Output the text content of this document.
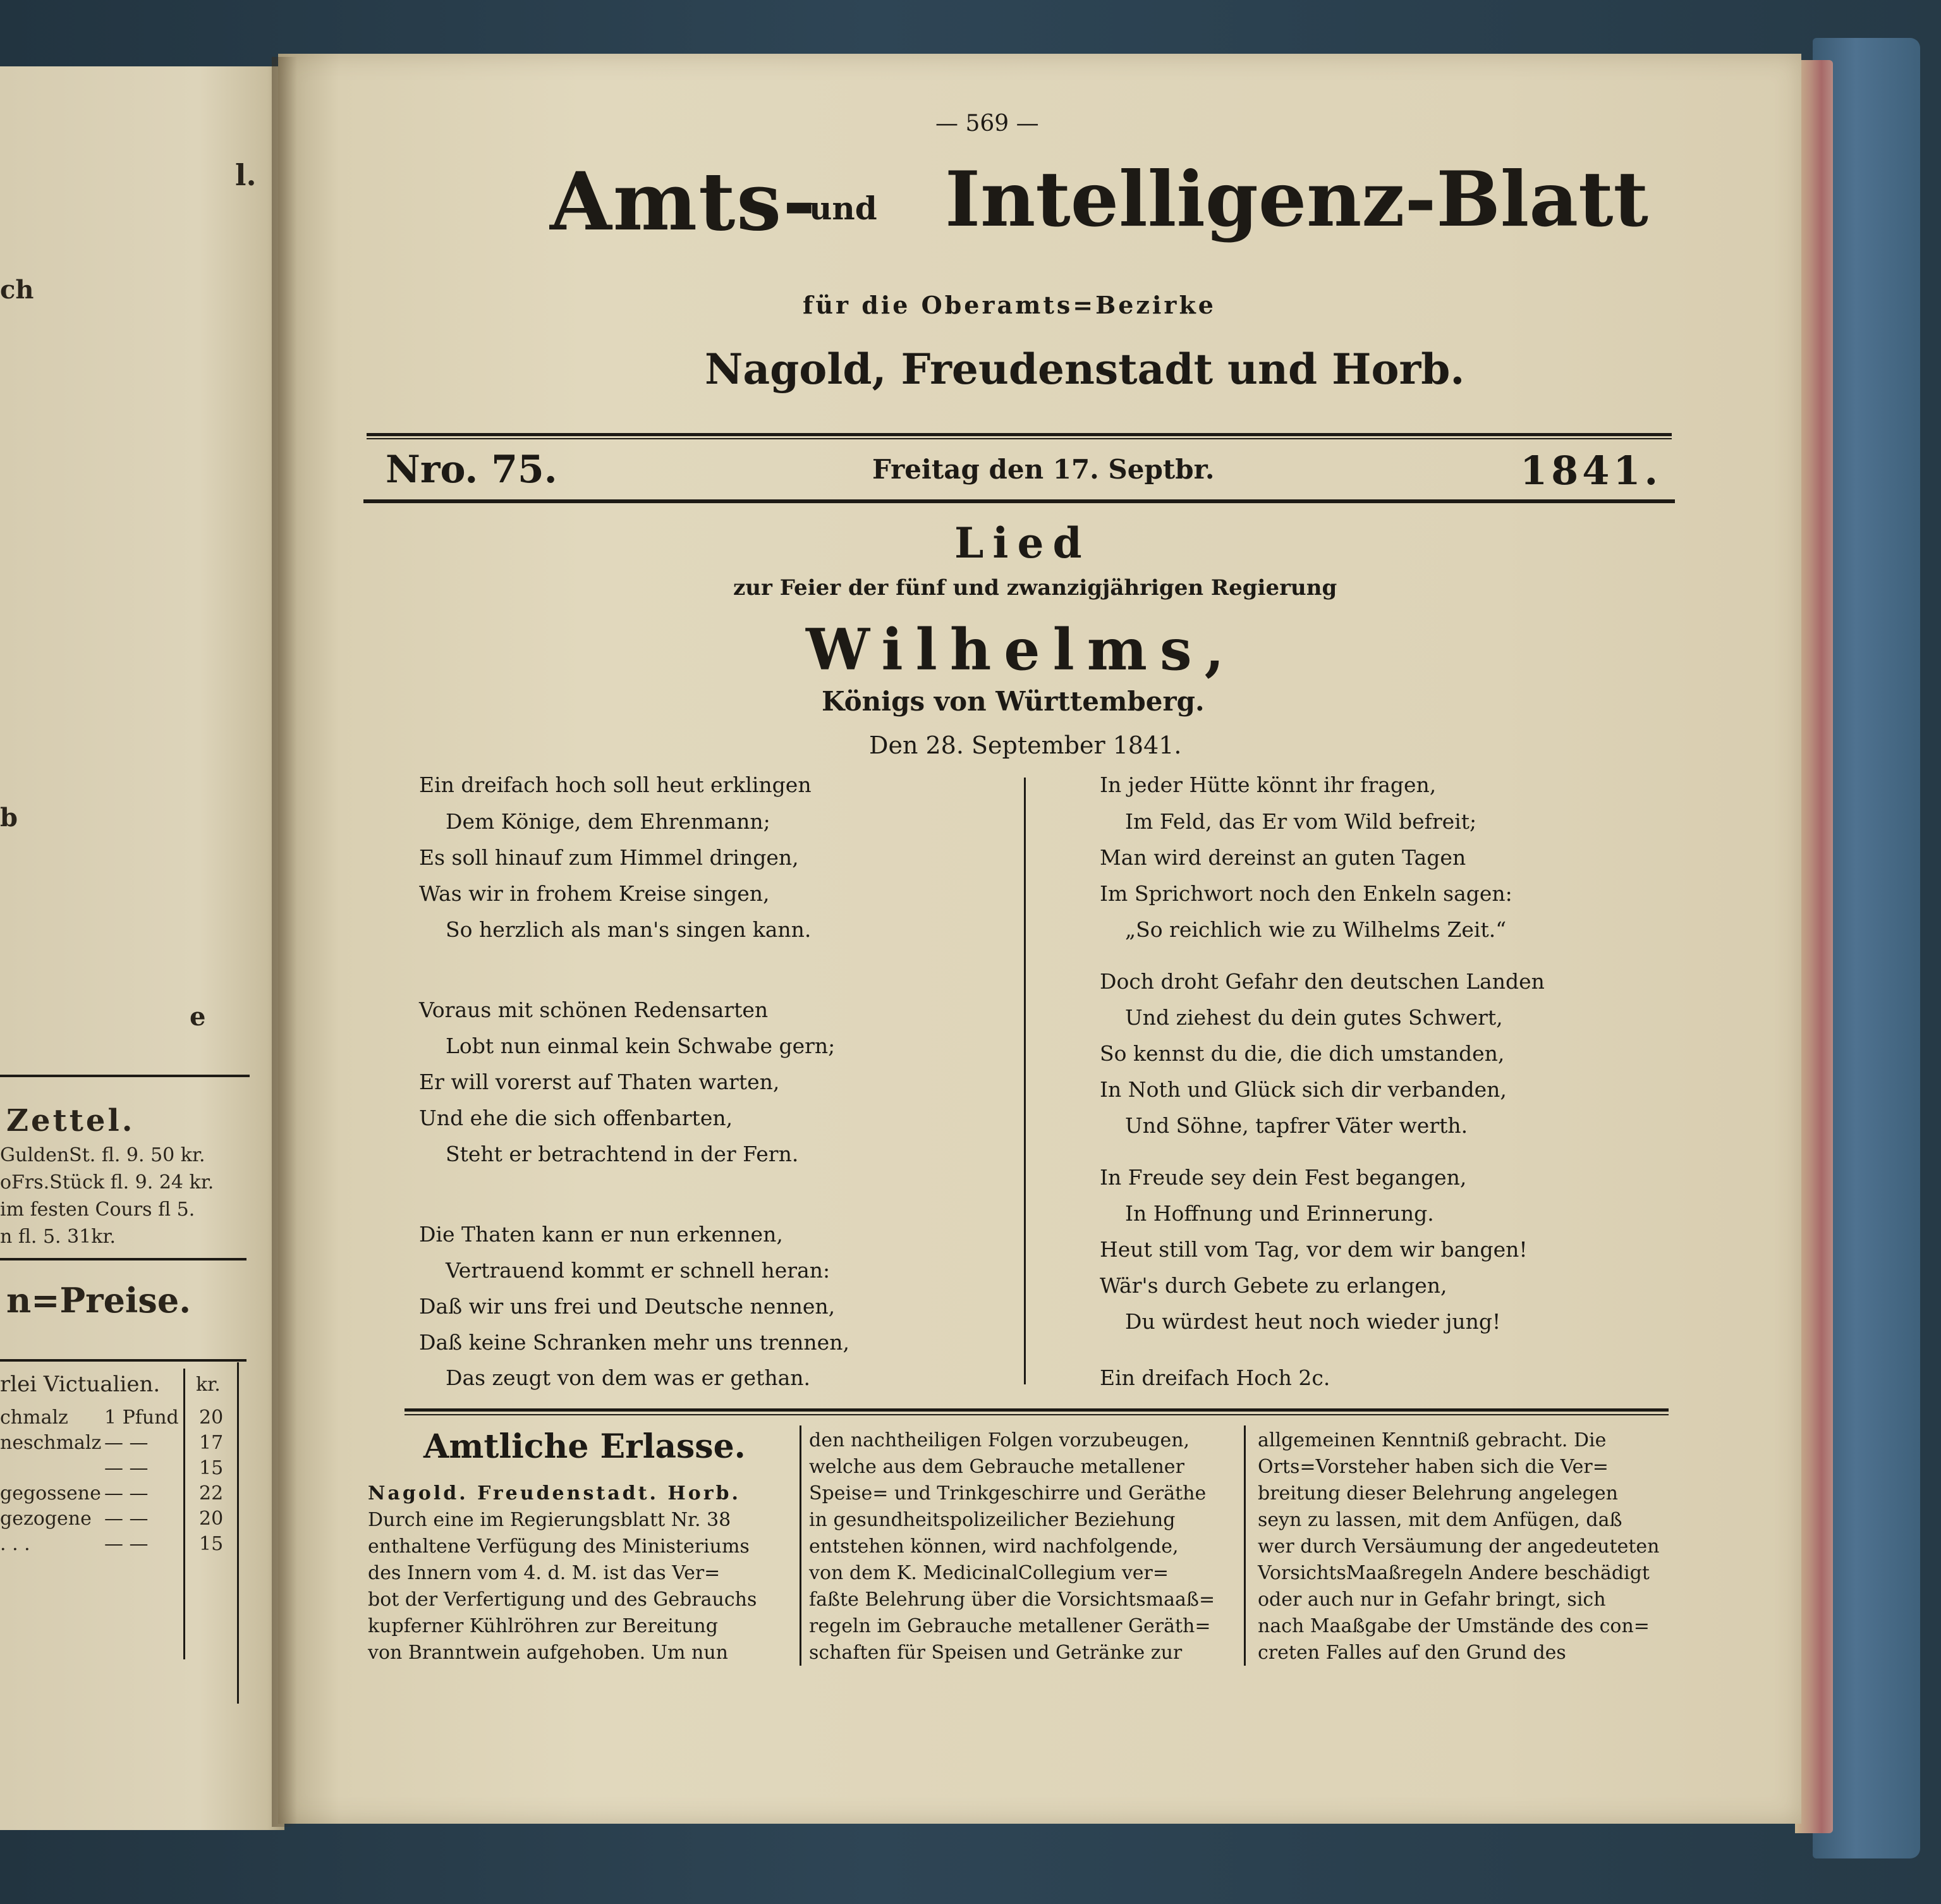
l.
ch
b
e
Zettel.
GuldenSt. fl. 9. 50 kr.
oFrs.Stück fl. 9. 24 kr.
im festen Cours fl 5.
n fl. 5. 31kr.
n=Preise.
rlei Victualien. kr.
chmalz 1 Pfund 20
neschmalz — —	17
— —	15
gegossene — —	22
gezogene — —	20
. . .	— —	15
— 569 —
Amts-
und Intelligenz-Blatt
für die Oberamts=Bezirke
Nagold, Freudenstadt und Horb.
Nro. 75.	Freitag den 17. Septbr.	1841.
Lied
zur Feier der fünf und zwanzigjährigen Regierung
Wilhelms,
Königs von Württemberg.
Den 28. September 1841.
Ein dreifach hoch soll heut erklingen
Dem Könige, dem Ehrenmann;
Es soll hinauf zum Himmel dringen,
Was wir in frohem Kreise singen,
So herzlich als man's singen kann.
Voraus mit schönen Redensarten
Lobt nun einmal kein Schwabe gern;
Er will vorerst auf Thaten warten,
Und ehe die sich offenbarten,
Steht er betrachtend in der Fern.
Die Thaten kann er nun erkennen,
Vertrauend kommt er schnell heran:
Daß wir uns frei und Deutsche nennen,
Daß keine Schranken mehr uns trennen,
Das zeugt von dem was er gethan.
In jeder Hütte könnt ihr fragen,
Im Feld, das Er vom Wild befreit;
Man wird dereinst an guten Tagen
Im Sprichwort noch den Enkeln sagen:
„So reichlich wie zu Wilhelms Zeit.“
Doch droht Gefahr den deutschen Landen
Und ziehest du dein gutes Schwert,
So kennst du die, die dich umstanden,
In Noth und Glück sich dir verbanden,
Und Söhne, tapfrer Väter werth.
In Freude sey dein Fest begangen,
In Hoffnung und Erinnerung.
Heut still vom Tag, vor dem wir bangen!
Wär's durch Gebete zu erlangen,
Du würdest heut noch wieder jung!
Ein dreifach Hoch 2c.
Amtliche Erlasse.
Nagold. Freudenstadt. Horb.
Durch eine im Regierungsblatt Nr. 38
enthaltene Verfügung des Ministeriums
des Innern vom 4. d. M. ist das Ver=
bot der Verfertigung und des Gebrauchs
kupferner Kühlröhren zur Bereitung
von Branntwein aufgehoben. Um nun
den nachtheiligen Folgen vorzubeugen,
welche aus dem Gebrauche metallener
Speise= und Trinkgeschirre und Geräthe
in gesundheitspolizeilicher Beziehung
entstehen können, wird nachfolgende,
von dem K. MedicinalCollegium ver=
faßte Belehrung über die Vorsichtsmaaß=
regeln im Gebrauche metallener Geräth=
schaften für Speisen und Getränke zur
allgemeinen Kenntniß gebracht. Die
Orts=Vorsteher haben sich die Ver=
breitung dieser Belehrung angelegen
seyn zu lassen, mit dem Anfügen, daß
wer durch Versäumung der angedeuteten
VorsichtsMaaßregeln Andere beschädigt
oder auch nur in Gefahr bringt, sich
nach Maaßgabe der Umstände des con=
creten Falles auf den Grund des
